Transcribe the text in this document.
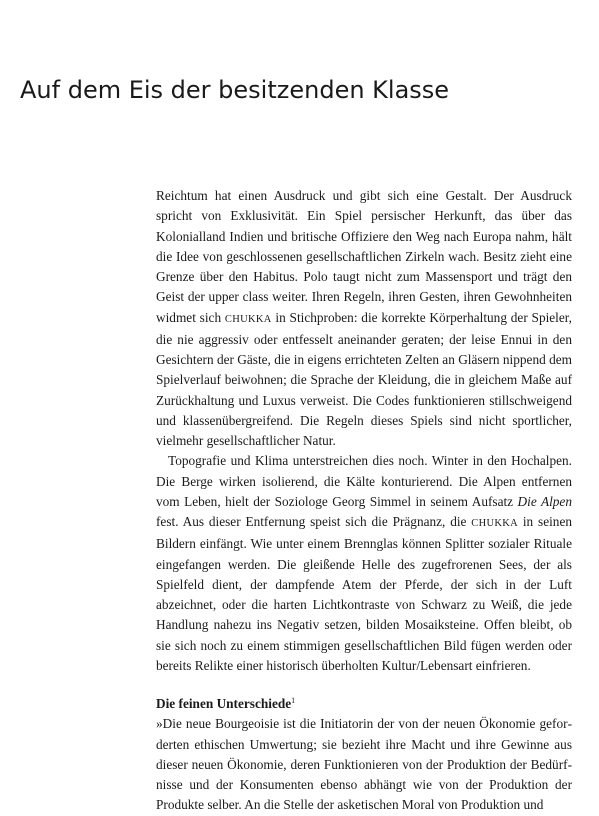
Auf dem Eis der besitzenden Klasse

Reichtum hat einen Ausdruck und gibt sich eine Gestalt. Der Ausdruck spricht von Exklusivität. Ein Spiel persischer Herkunft, das über das Kolonialland Indien und britische Offiziere den Weg nach Europa nahm, hält die Idee von geschlossenen gesellschaftlichen Zirkeln wach. Besitz zieht eine Grenze über den Habitus. Polo taugt nicht zum Massensport und trägt den Geist der upper class weiter. Ihren Regeln, ihren Gesten, ihren Gewohnheiten widmet sich CHUKKA in Stichproben: die korrekte Körperhaltung der Spieler, die nie aggressiv oder entfesselt aneinander geraten; der leise Ennui in den Gesichtern der Gäste, die in eigens errichteten Zelten an Gläsern nippend dem Spielverlauf beiwohnen; die Sprache der Kleidung, die in gleichem Maße auf Zurückhaltung und Luxus verweist. Die Codes funktionieren stillschweigend und klassenübergreifend. Die Regeln dieses Spiels sind nicht sportlicher, vielmehr gesellschaftlicher Natur.

Topografie und Klima unterstreichen dies noch. Winter in den Hochalpen. Die Berge wirken isolierend, die Kälte konturierend. Die Alpen entfernen vom Leben, hielt der Soziologe Georg Simmel in seinem Aufsatz Die Alpen fest. Aus dieser Entfernung speist sich die Prägnanz, die CHUKKA in seinen Bildern einfängt. Wie unter einem Brennglas können Splitter sozialer Rituale eingefangen werden. Die gleißende Helle des zugefrorenen Sees, der als Spielfeld dient, der dampfende Atem der Pferde, der sich in der Luft abzeichnet, oder die harten Lichtkontraste von Schwarz zu Weiß, die jede Handlung nahezu ins Negativ setzen, bilden Mosaiksteine. Offen bleibt, ob sie sich noch zu einem stimmigen gesellschaftlichen Bild fügen werden oder bereits Relikte einer historisch überholten Kultur/Lebensart einfrieren.

Die feinen Unterschiede$^1$

»Die neue Bourgeoisie ist die Initiatorin der von der neuen Ökonomie geforderten ethischen Umwertung; sie bezieht ihre Macht und ihre Gewinne aus dieser neuen Ökonomie, deren Funktionieren von der Produktion der Bedürfnisse und der Konsumenten ebenso abhängt wie von der Produktion der Produkte selber. An die Stelle der asketischen Moral von Produktion und
